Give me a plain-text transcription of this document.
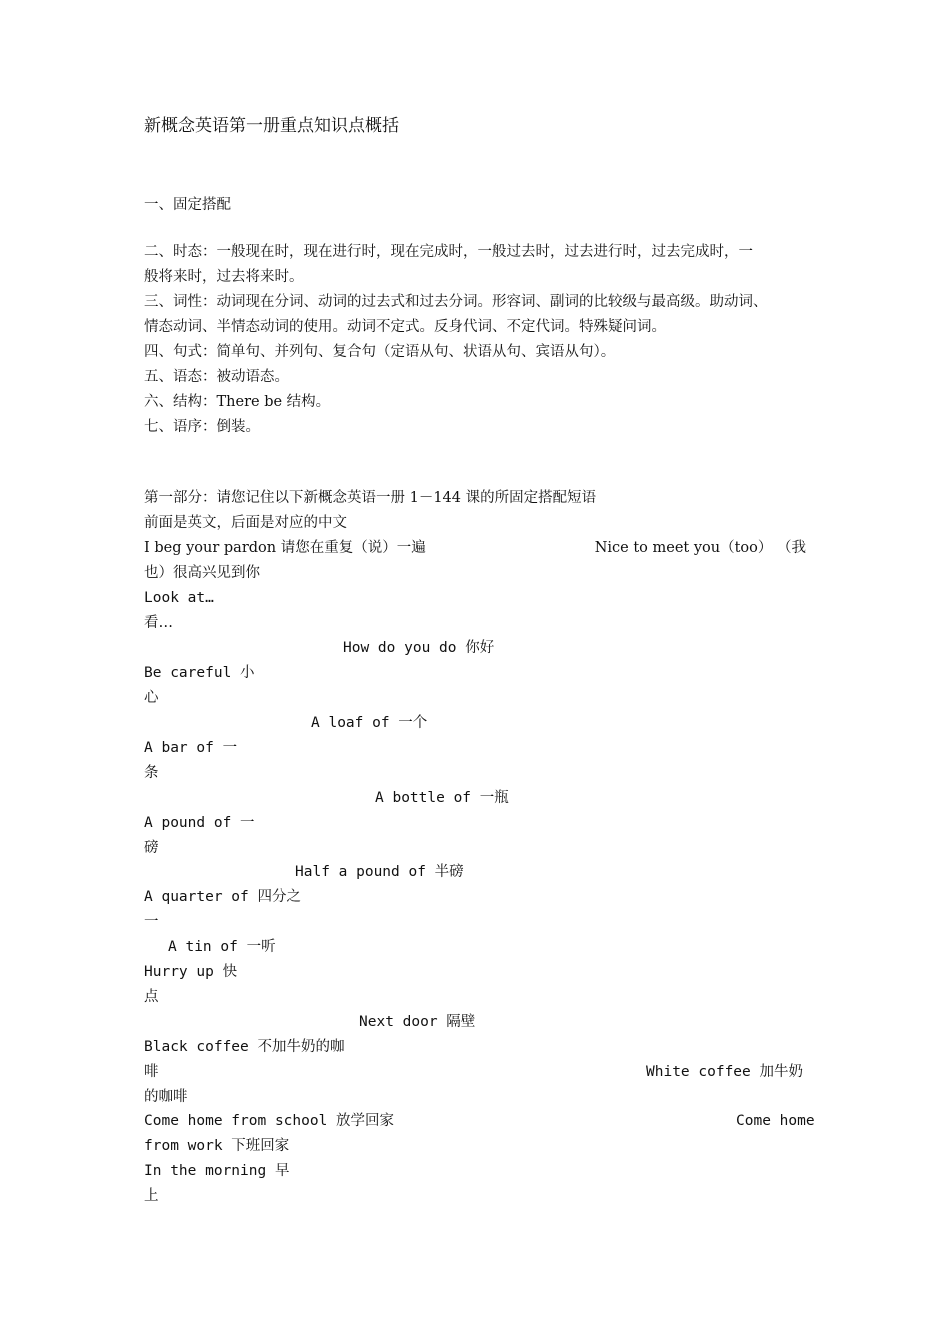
新概念英语第一册重点知识点概括
一、固定搭配
二、时态：一般现在时，现在进行时，现在完成时，一般过去时，过去进行时，过去完成时，一
般将来时，过去将来时。
三、词性：动词现在分词、动词的过去式和过去分词。形容词、副词的比较级与最高级。助动词、
情态动词、半情态动词的使用。动词不定式。反身代词、不定代词。特殊疑问词。
四、句式：简单句、并列句、复合句（定语从句、状语从句、宾语从句）。
五、语态：被动语态。
六、结构：There be 结构。
七、语序：倒装。
第一部分：请您记住以下新概念英语一册 1－144 课的所固定搭配短语
前面是英文，后面是对应的中文
I beg your pardon 请您在重复（说）一遍	Nice to meet you（too） （我
也）很高兴见到你
Look at…
看…
How do you do 你好
Be careful 小
心
A loaf of 一个
A bar of 一
条
A bottle of 一瓶
A pound of 一
磅
Half a pound of 半磅
A quarter of 四分之
一
A tin of 一听
Hurry up 快
点
Next door 隔壁
Black coffee 不加牛奶的咖
啡	White coffee 加牛奶
的咖啡
Come home from school 放学回家	Come home
from work 下班回家
In the morning 早
上
